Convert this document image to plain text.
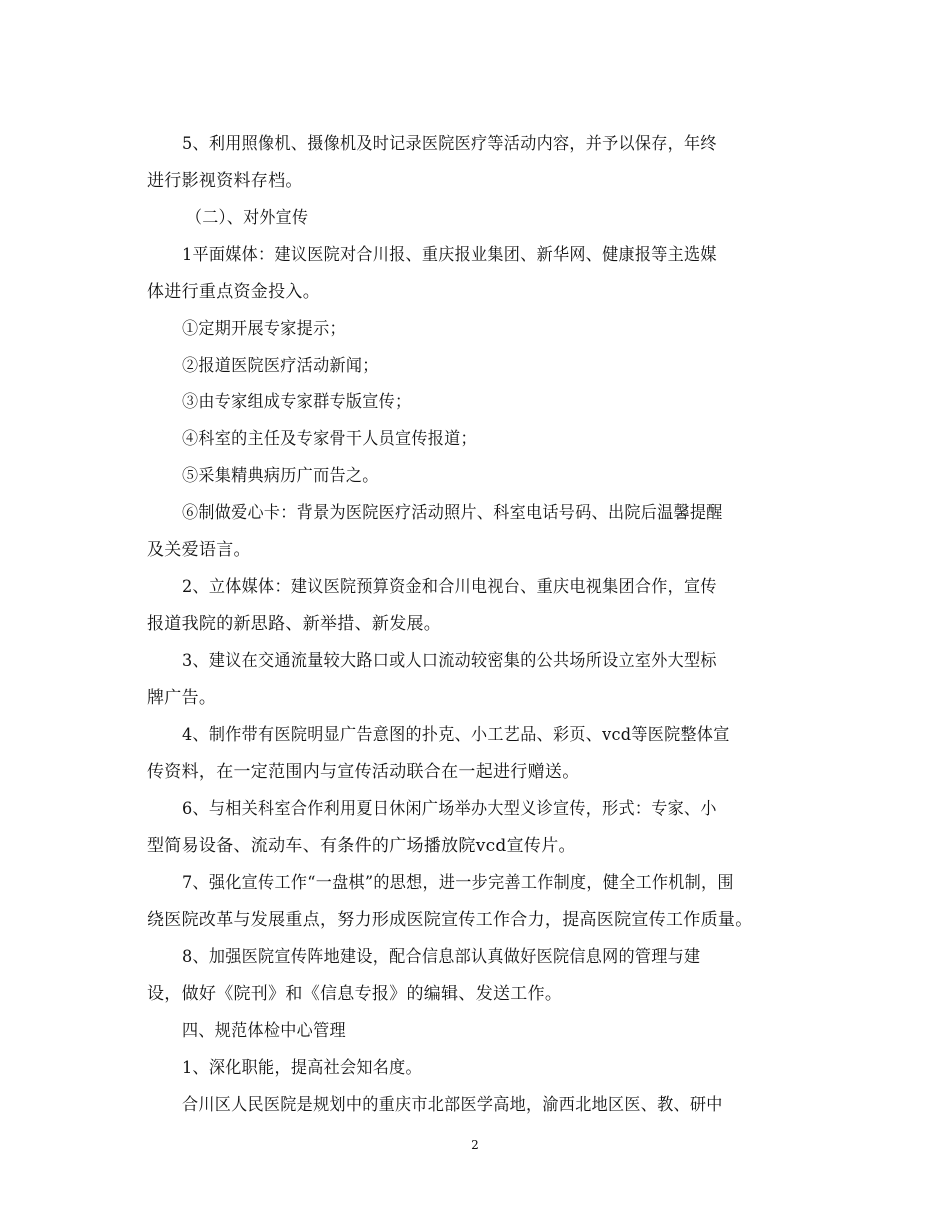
5、利用照像机、摄像机及时记录医院医疗等活动内容，并予以保存，年终
进行影视资料存档。
（二）、对外宣传
1平面媒体：建议医院对合川报、重庆报业集团、新华网、健康报等主选媒
体进行重点资金投入。
①定期开展专家提示；
②报道医院医疗活动新闻；
③由专家组成专家群专版宣传；
④科室的主任及专家骨干人员宣传报道；
⑤采集精典病历广而告之。
⑥制做爱心卡：背景为医院医疗活动照片、科室电话号码、出院后温馨提醒
及关爱语言。
2、立体媒体：建议医院预算资金和合川电视台、重庆电视集团合作，宣传
报道我院的新思路、新举措、新发展。
3、建议在交通流量较大路口或人口流动较密集的公共场所设立室外大型标
牌广告。
4、制作带有医院明显广告意图的扑克、小工艺品、彩页、vcd等医院整体宣
传资料，在一定范围内与宣传活动联合在一起进行赠送。
6、与相关科室合作利用夏日休闲广场举办大型义诊宣传，形式：专家、小
型简易设备、流动车、有条件的广场播放院vcd宣传片。
7、强化宣传工作“一盘棋”的思想，进一步完善工作制度，健全工作机制，围
绕医院改革与发展重点，努力形成医院宣传工作合力，提高医院宣传工作质量。
8、加强医院宣传阵地建设，配合信息部认真做好医院信息网的管理与建
设，做好《院刊》和《信息专报》的编辑、发送工作。
四、规范体检中心管理
1、深化职能，提高社会知名度。
合川区人民医院是规划中的重庆市北部医学高地，渝西北地区医、教、研中
2
